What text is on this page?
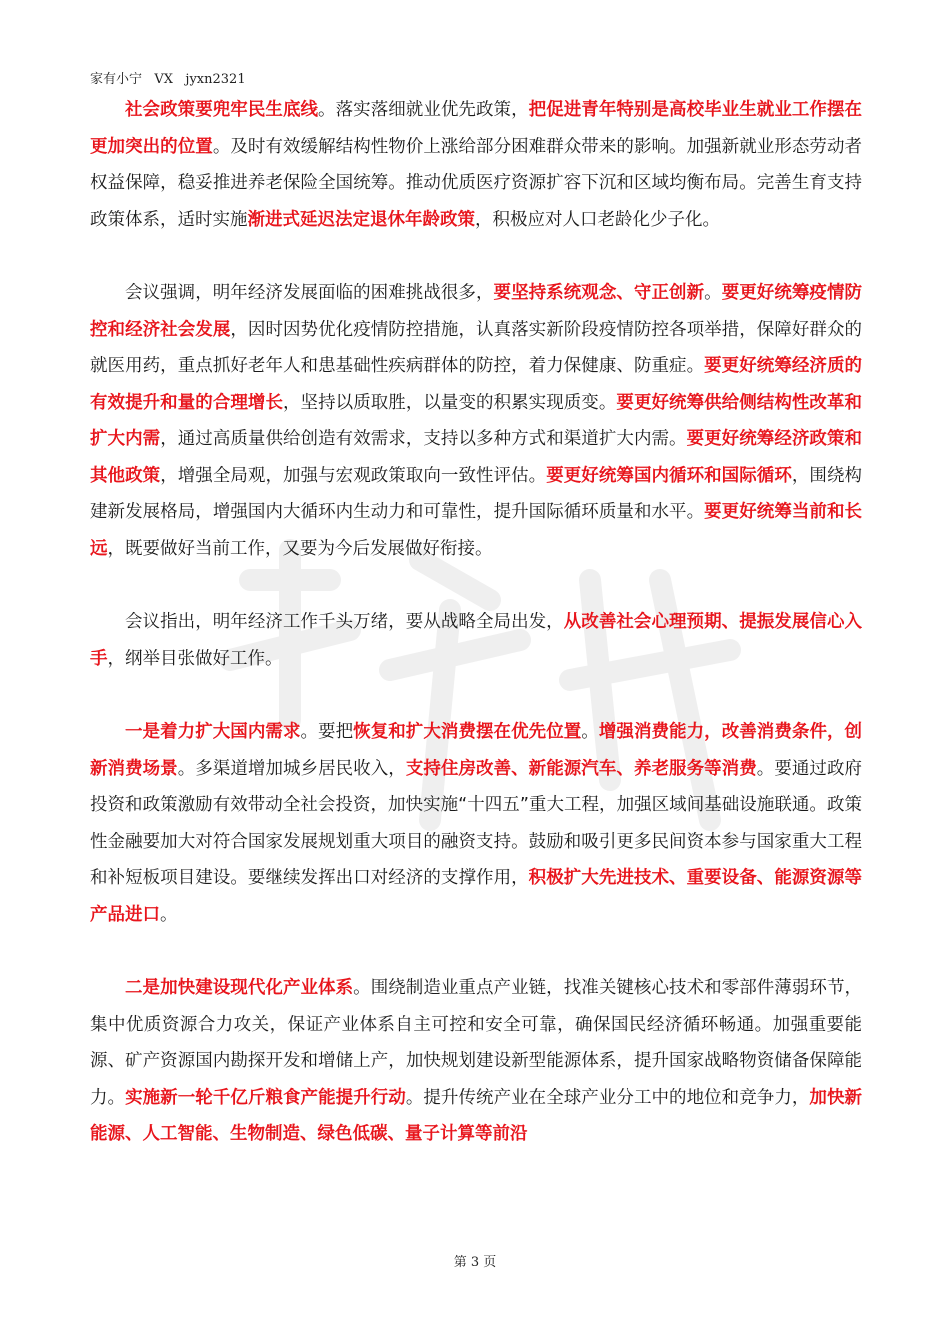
家有小宁   VX   jyxn2321

社会政策要兜牢民生底线。落实落细就业优先政策，把促进青年特别是高校毕业生就业工作摆在更加突出的位置。及时有效缓解结构性物价上涨给部分困难群众带来的影响。加强新就业形态劳动者权益保障，稳妥推进养老保险全国统筹。推动优质医疗资源扩容下沉和区域均衡布局。完善生育支持政策体系，适时实施渐进式延迟法定退休年龄政策，积极应对人口老龄化少子化。

会议强调，明年经济发展面临的困难挑战很多，要坚持系统观念、守正创新。要更好统筹疫情防控和经济社会发展，因时因势优化疫情防控措施，认真落实新阶段疫情防控各项举措，保障好群众的就医用药，重点抓好老年人和患基础性疾病群体的防控，着力保健康、防重症。要更好统筹经济质的有效提升和量的合理增长，坚持以质取胜，以量变的积累实现质变。要更好统筹供给侧结构性改革和扩大内需，通过高质量供给创造有效需求，支持以多种方式和渠道扩大内需。要更好统筹经济政策和其他政策，增强全局观，加强与宏观政策取向一致性评估。要更好统筹国内循环和国际循环，围绕构建新发展格局，增强国内大循环内生动力和可靠性，提升国际循环质量和水平。要更好统筹当前和长远，既要做好当前工作，又要为今后发展做好衔接。

会议指出，明年经济工作千头万绪，要从战略全局出发，从改善社会心理预期、提振发展信心入手，纲举目张做好工作。

一是着力扩大国内需求。要把恢复和扩大消费摆在优先位置。增强消费能力，改善消费条件，创新消费场景。多渠道增加城乡居民收入，支持住房改善、新能源汽车、养老服务等消费。要通过政府投资和政策激励有效带动全社会投资，加快实施“十四五”重大工程，加强区域间基础设施联通。政策性金融要加大对符合国家发展规划重大项目的融资支持。鼓励和吸引更多民间资本参与国家重大工程和补短板项目建设。要继续发挥出口对经济的支撑作用，积极扩大先进技术、重要设备、能源资源等产品进口。

二是加快建设现代化产业体系。围绕制造业重点产业链，找准关键核心技术和零部件薄弱环节，集中优质资源合力攻关，保证产业体系自主可控和安全可靠，确保国民经济循环畅通。加强重要能源、矿产资源国内勘探开发和增储上产，加快规划建设新型能源体系，提升国家战略物资储备保障能力。实施新一轮千亿斤粮食产能提升行动。提升传统产业在全球产业分工中的地位和竞争力，加快新能源、人工智能、生物制造、绿色低碳、量子计算等前沿

第 3 页
